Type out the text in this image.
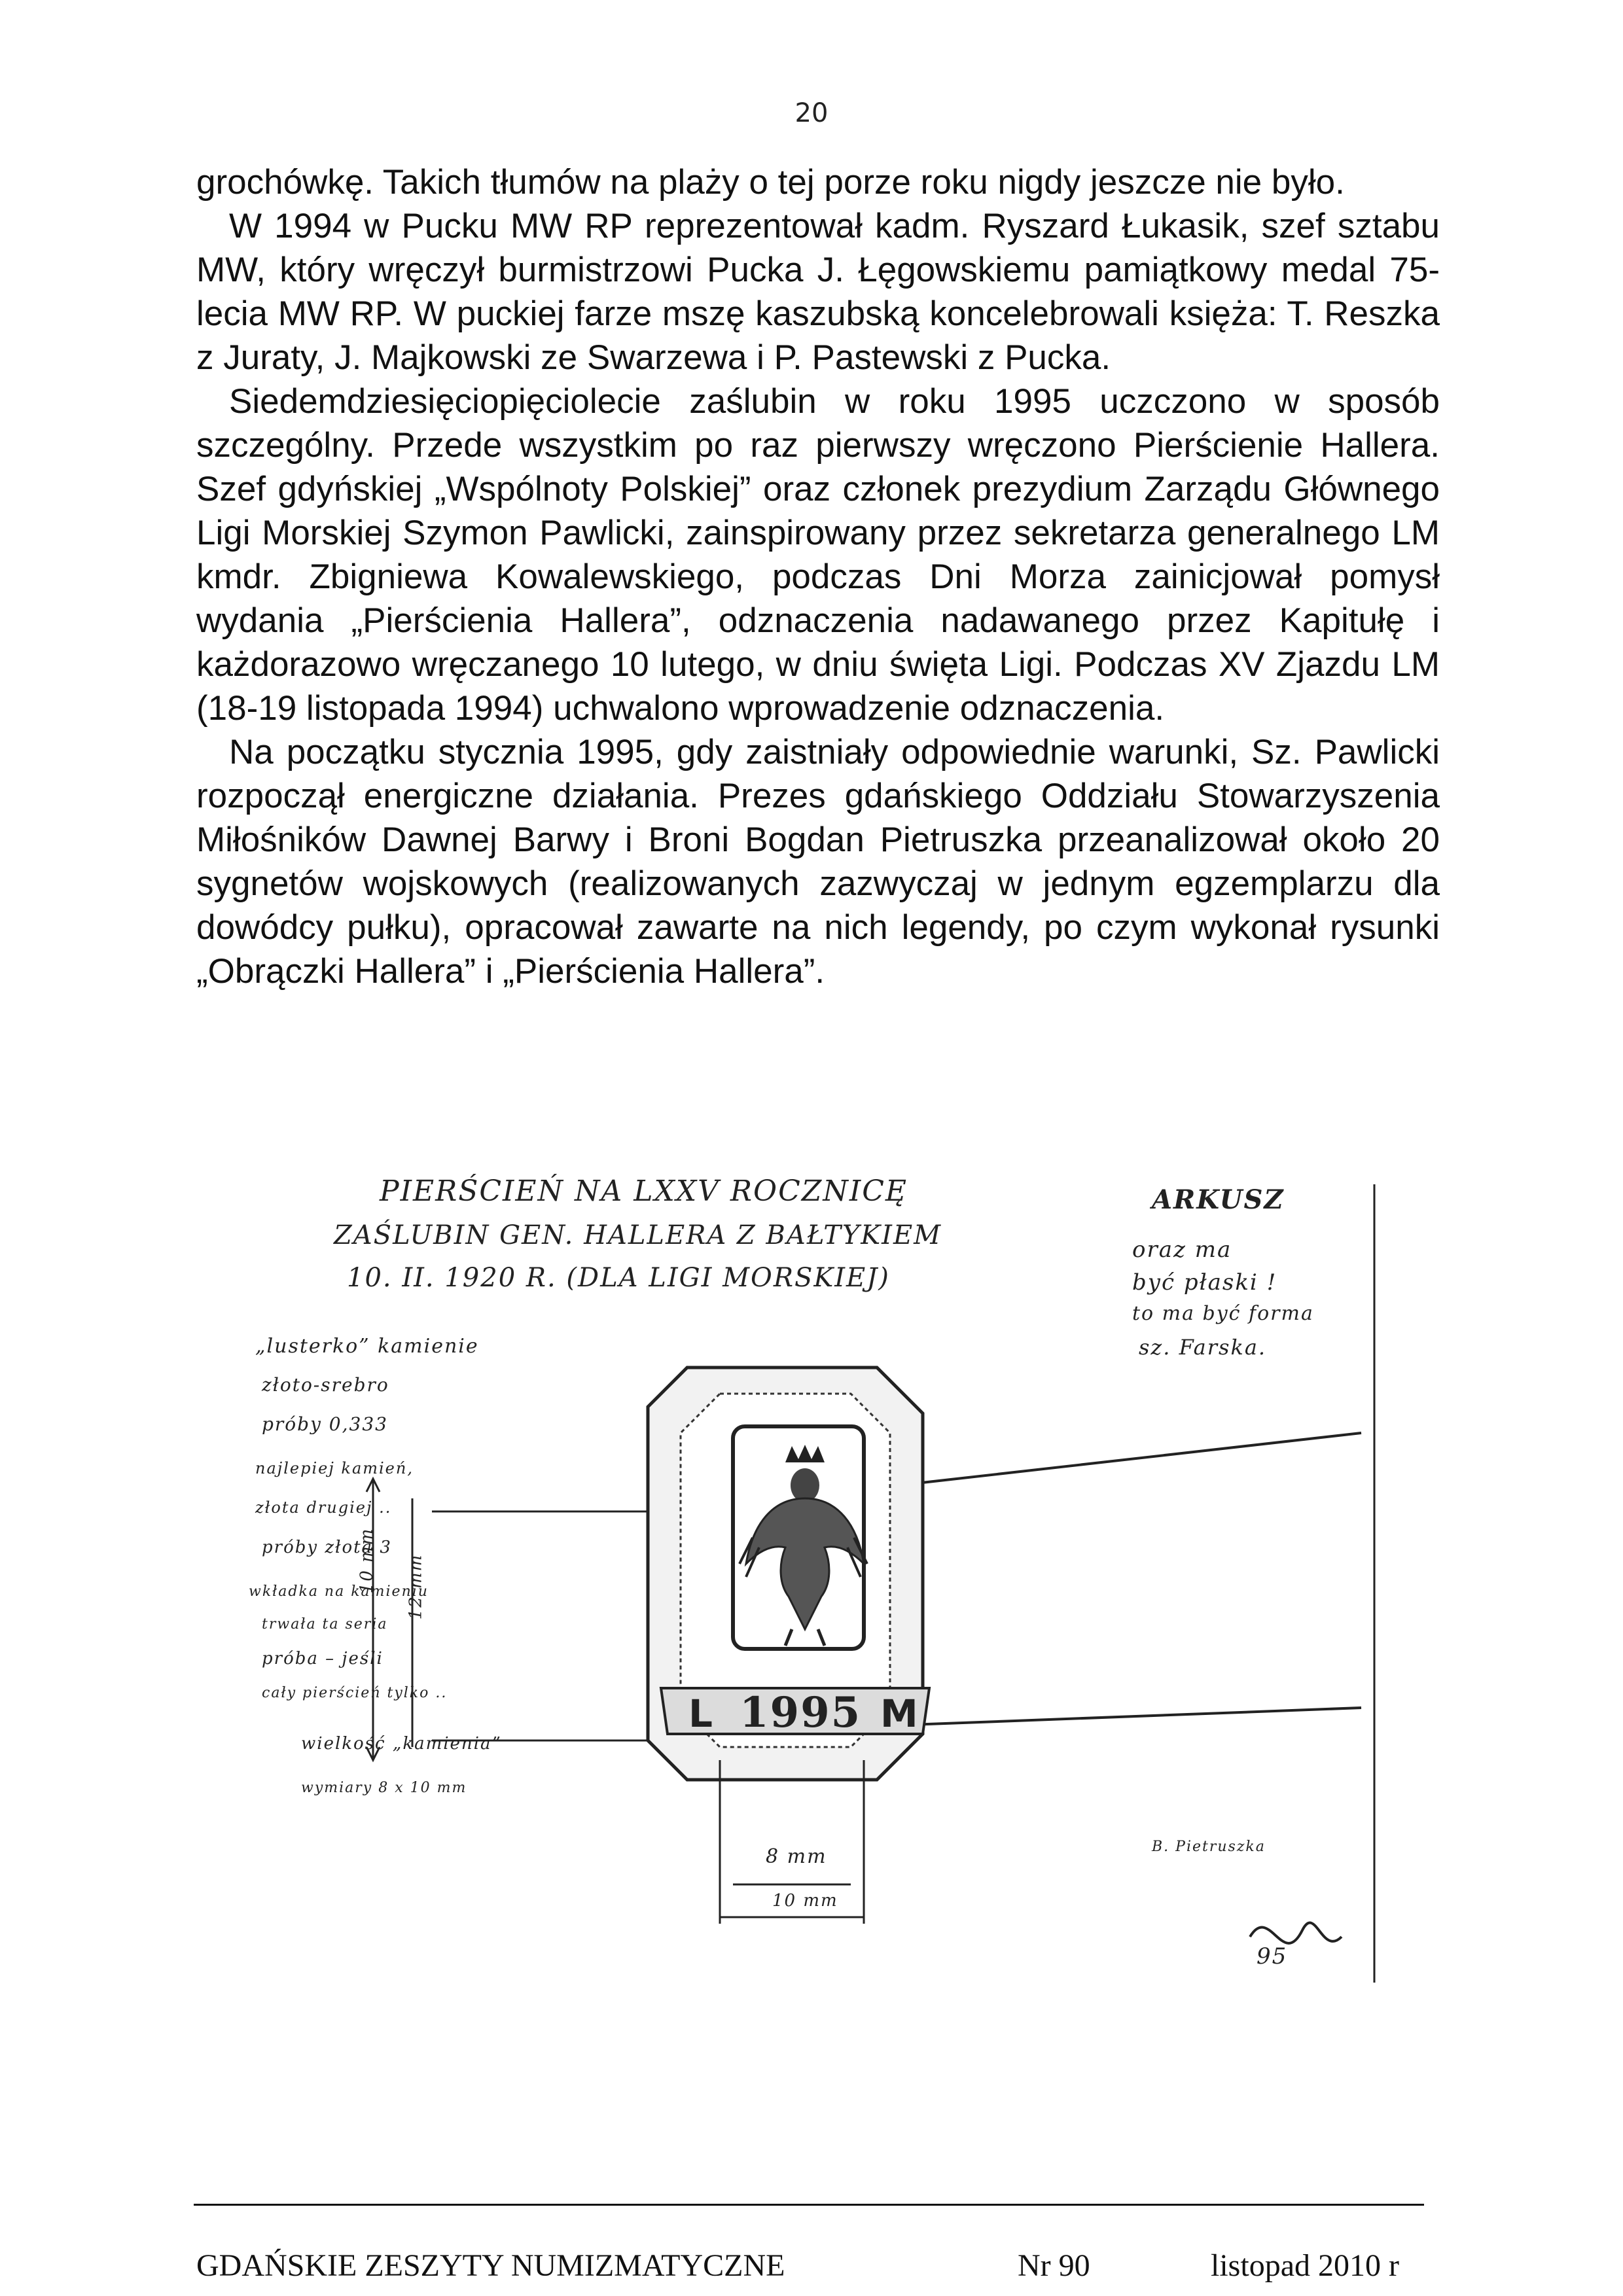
20

grochówkę. Takich tłumów na plaży o tej porze roku nigdy jeszcze nie było.

W 1994 w Pucku MW RP reprezentował kadm. Ryszard Łukasik, szef sztabu MW, który wręczył burmistrzowi Pucka J. Łęgowskiemu pamiątkowy medal 75-lecia MW RP. W puckiej farze mszę kaszubską koncelebrowali księża: T. Reszka z Juraty, J. Majkowski ze Swarzewa i P. Pastewski z Pucka.

Siedemdziesięciopięciolecie zaślubin w roku 1995 uczczono w sposób szczególny. Przede wszystkim po raz pierwszy wręczono Pierścienie Hallera. Szef gdyńskiej „Wspólnoty Polskiej” oraz członek prezydium Zarządu Głównego Ligi Morskiej Szymon Pawlicki, zainspirowany przez sekretarza generalnego LM kmdr. Zbigniewa Kowalewskiego, podczas Dni Morza zainicjował pomysł wydania „Pierścienia Hallera”, odznaczenia nadawanego przez Kapitułę i każdorazowo wręczanego 10 lutego, w dniu święta Ligi. Podczas XV Zjazdu LM (18-19 listopada 1994) uchwalono wprowadzenie odznaczenia.

Na początku stycznia 1995, gdy zaistniały odpowiednie warunki, Sz. Pawlicki rozpoczął energiczne działania. Prezes gdańskiego Oddziału Stowarzyszenia Miłośników Dawnej Barwy i Broni Bogdan Pietruszka przeanalizował około 20 sygnetów wojskowych (realizowanych zazwyczaj w jednym egzemplarzu dla dowódcy pułku), opracował zawarte na nich legendy, po czym wykonał rysunki „Obrączki Hallera” i „Pierścienia Hallera”.

L 1995 M
PIERŚCIEŃ NA LXXV ROCZNICĘ
ZAŚLUBIN GEN. HALLERA Z BAŁTYKIEM
10. II. 1920 R. (DLA LIGI MORSKIEJ)
ARKUSZ
oraz ma
być płaski !
to ma być forma
sz. Farska.
„lusterko” kamienie
złoto-srebro
próby 0,333
najlepiej kamień,
złota drugiej ..
próby złota 3
wkładka na kamieniu
trwała ta seria
próba – jeśli
cały pierścień tylko ..
wielkość „kamienia”
wymiary 8 x 10 mm
10 mm 12 mm
8 mm
10 mm
B. Pietruszka
95
GDAŃSKIE ZESZYTY NUMIZMATYCZNE	Nr 90	listopad 2010 r
